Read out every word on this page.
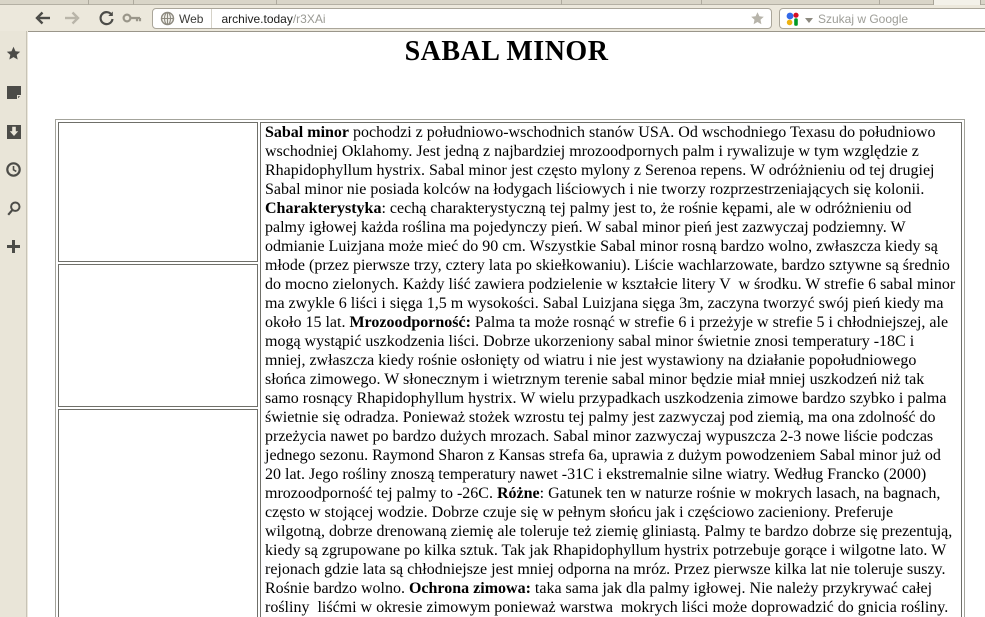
Web archive.today/r3XAi
Szukaj w Google
SABAL MINOR

Sabal minor pochodzi z południowo-wschodnich stanów USA. Od wschodniego Texasu do południowo wschodniej Oklahomy. Jest jedną z najbardziej mrozoodpornych palm i rywalizuje w tym względzie z Rhapidophyllum hystrix. Sabal minor jest często mylony z Serenoa repens. W odróżnieniu od tej drugiej Sabal minor nie posiada kolców na łodygach liściowych i nie tworzy rozprzestrzeniających się kolonii. Charakterystyka: cechą charakterystyczną tej palmy jest to, że rośnie kępami, ale w odróżnieniu od  palmy igłowej każda roślina ma pojedynczy pień. W sabal minor pień jest zazwyczaj podziemny. W odmianie Luizjana może mieć do 90 cm. Wszystkie Sabal minor rosną bardzo wolno, zwłaszcza kiedy są młode (przez pierwsze trzy, cztery lata po skiełkowaniu). Liście wachlarzowate, bardzo sztywne są średnio do mocno zielonych. Każdy liść zawiera podzielenie w kształcie litery V  w środku. W strefie 6 sabal minor ma zwykle 6 liści i sięga 1,5 m wysokości. Sabal Luizjana sięga 3m, zaczyna tworzyć swój pień kiedy ma około 15 lat. Mrozoodporność: Palma ta może rosnąć w strefie 6 i przeżyje w strefie 5 i chłodniejszej, ale mogą wystąpić uszkodzenia liści. Dobrze ukorzeniony sabal minor świetnie znosi temperatury -18C i mniej, zwłaszcza kiedy rośnie osłonięty od wiatru i nie jest wystawiony na działanie popołudniowego słońca zimowego. W słonecznym i wietrznym terenie sabal minor będzie miał mniej uszkodzeń niż tak samo rosnący Rhapidophyllum hystrix. W wielu przypadkach uszkodzenia zimowe bardzo szybko i palma świetnie się odradza. Ponieważ stożek wzrostu tej palmy jest zazwyczaj pod ziemią, ma ona zdolność do przeżycia nawet po bardzo dużych mrozach. Sabal minor zazwyczaj wypuszcza 2-3 nowe liście podczas jednego sezonu. Raymond Sharon z Kansas strefa 6a, uprawia z dużym powodzeniem Sabal minor już od 20 lat. Jego rośliny znoszą temperatury nawet -31C i ekstremalnie silne wiatry. Według Francko (2000) mrozoodporność tej palmy to -26C. Różne: Gatunek ten w naturze rośnie w mokrych lasach, na bagnach, często w stojącej wodzie. Dobrze czuje się w pełnym słońcu jak i częściowo zacieniony. Preferuje wilgotną, dobrze drenowaną ziemię ale toleruje też ziemię gliniastą. Palmy te bardzo dobrze się prezentują, kiedy są zgrupowane po kilka sztuk. Tak jak Rhapidophyllum hystrix potrzebuje gorące i wilgotne lato. W rejonach gdzie lata są chłodniejsze jest mniej odporna na mróz. Przez pierwsze kilka lat nie toleruje suszy. Rośnie bardzo wolno. Ochrona zimowa: taka sama jak dla palmy igłowej. Nie należy przykrywać całej rośliny  liśćmi w okresie zimowym ponieważ warstwa  mokrych liści może doprowadzić do gnicia rośliny.
